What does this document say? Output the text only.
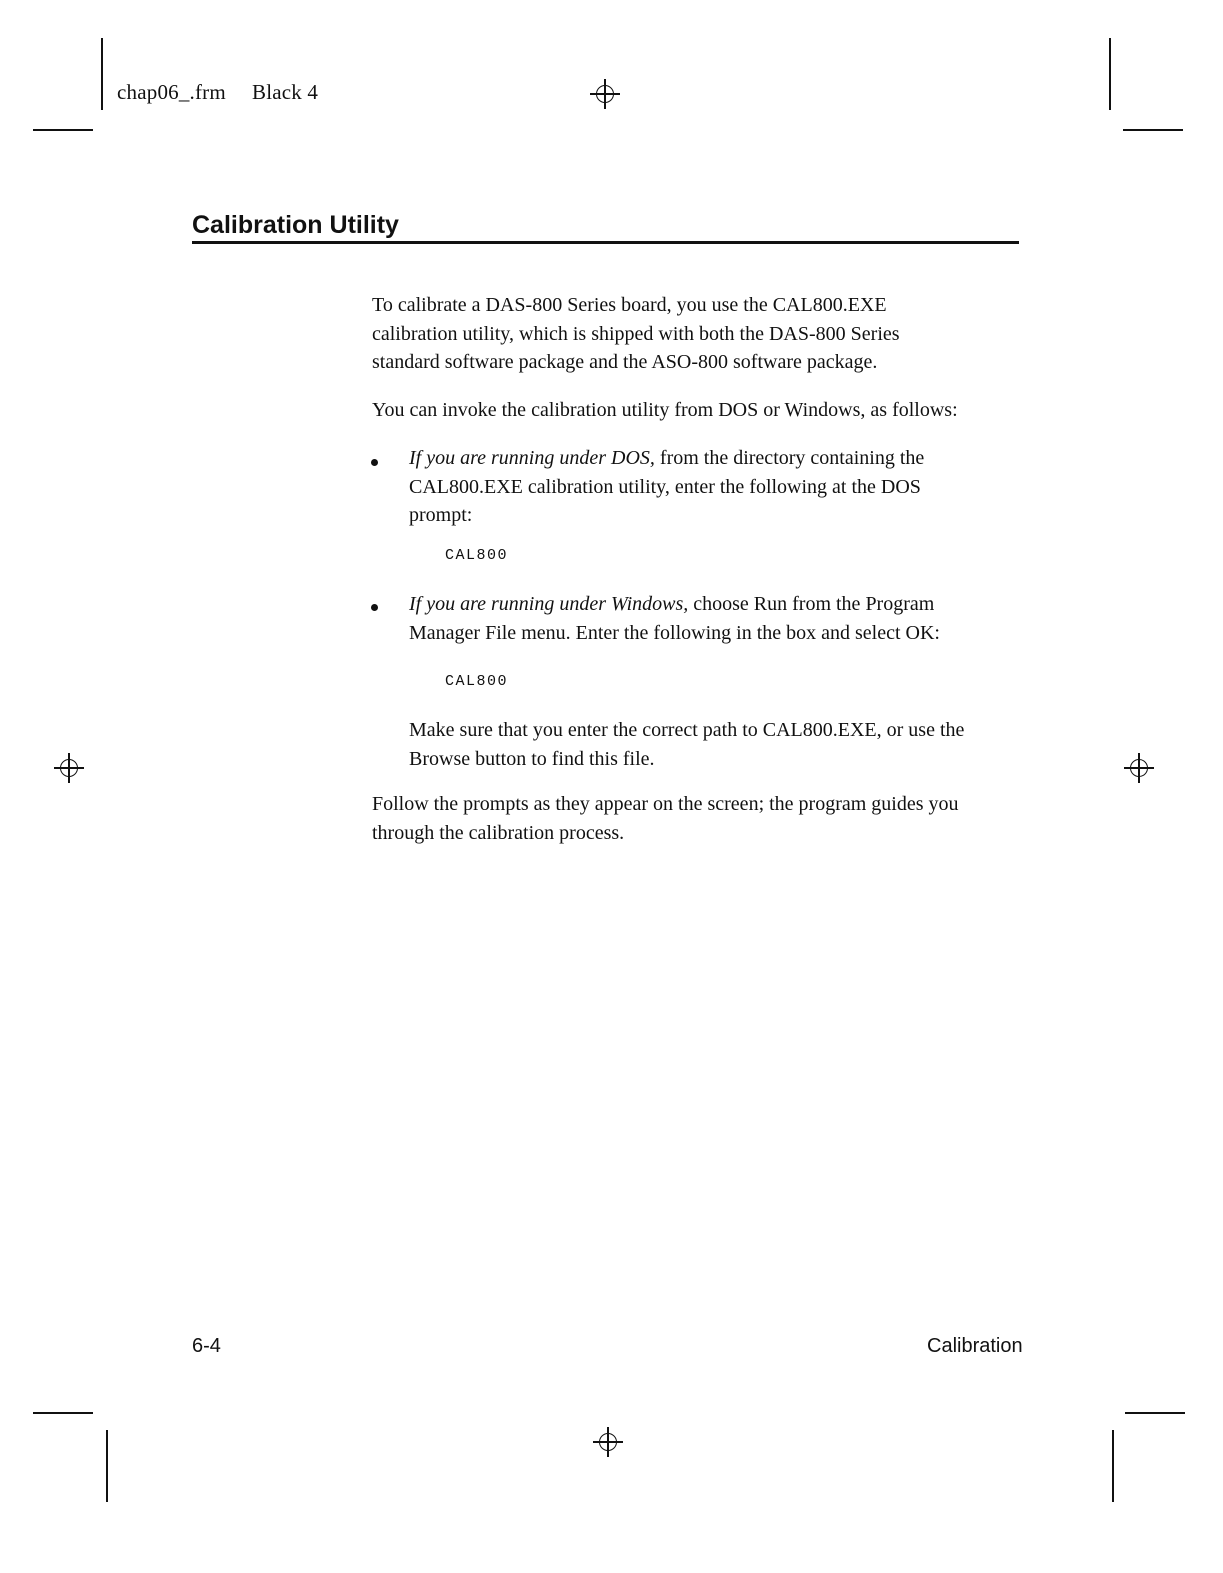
chap06_.frm Black 4
Calibration Utility
To calibrate a DAS-800 Series board, you use the CAL800.EXE
calibration utility, which is shipped with both the DAS-800 Series
standard software package and the ASO-800 software package.
You can invoke the calibration utility from DOS or Windows, as follows:
If you are running under DOS, from the directory containing the
CAL800.EXE calibration utility, enter the following at the DOS
prompt:
CAL800
If you are running under Windows, choose Run from the Program
Manager File menu. Enter the following in the box and select OK:
CAL800
Make sure that you enter the correct path to CAL800.EXE, or use the
Browse button to find this file.
Follow the prompts as they appear on the screen; the program guides you
through the calibration process.
6-4	Calibration
